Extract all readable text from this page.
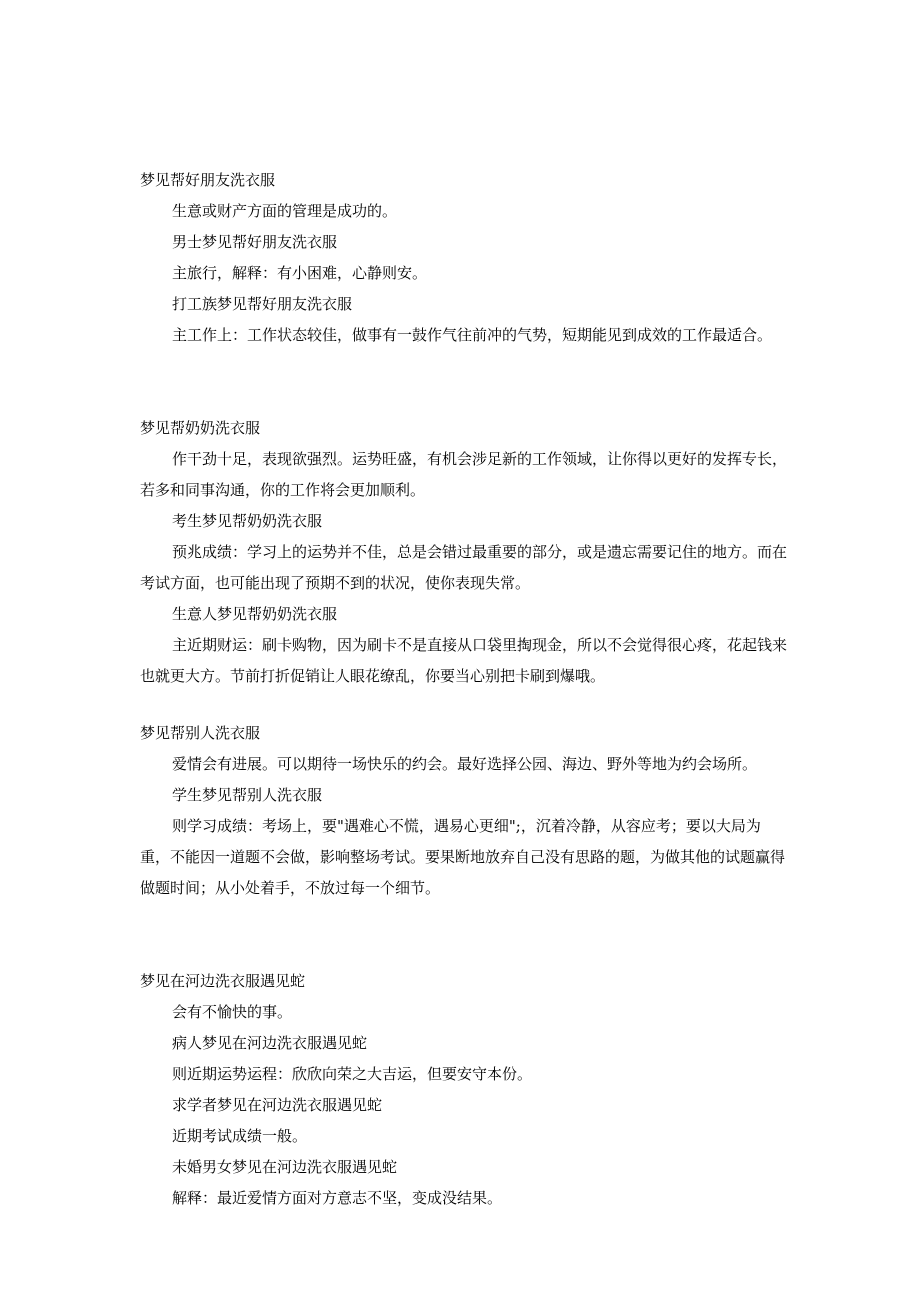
梦见帮好朋友洗衣服

生意或财产方面的管理是成功的。

男士梦见帮好朋友洗衣服

主旅行，解释：有小困难，心静则安。

打工族梦见帮好朋友洗衣服

主工作上：工作状态较佳，做事有一鼓作气往前冲的气势，短期能见到成效的工作最适合。

梦见帮奶奶洗衣服

作干劲十足，表现欲强烈。运势旺盛，有机会涉足新的工作领域，让你得以更好的发挥专长，若多和同事沟通，你的工作将会更加顺利。

考生梦见帮奶奶洗衣服

预兆成绩：学习上的运势并不佳，总是会错过最重要的部分，或是遗忘需要记住的地方。而在考试方面，也可能出现了预期不到的状况，使你表现失常。

生意人梦见帮奶奶洗衣服

主近期财运：刷卡购物，因为刷卡不是直接从口袋里掏现金，所以不会觉得很心疼，花起钱来也就更大方。节前打折促销让人眼花缭乱，你要当心别把卡刷到爆哦。

梦见帮别人洗衣服

爱情会有进展。可以期待一场快乐的约会。最好选择公园、海边、野外等地为约会场所。

学生梦见帮别人洗衣服

则学习成绩：考场上，要"遇难心不慌，遇易心更细";，沉着冷静，从容应考；要以大局为重，不能因一道题不会做，影响整场考试。要果断地放弃自己没有思路的题，为做其他的试题赢得做题时间；从小处着手，不放过每一个细节。

梦见在河边洗衣服遇见蛇

会有不愉快的事。

病人梦见在河边洗衣服遇见蛇

则近期运势运程：欣欣向荣之大吉运，但要安守本份。

求学者梦见在河边洗衣服遇见蛇

近期考试成绩一般。

未婚男女梦见在河边洗衣服遇见蛇

解释：最近爱情方面对方意志不坚，变成没结果。
